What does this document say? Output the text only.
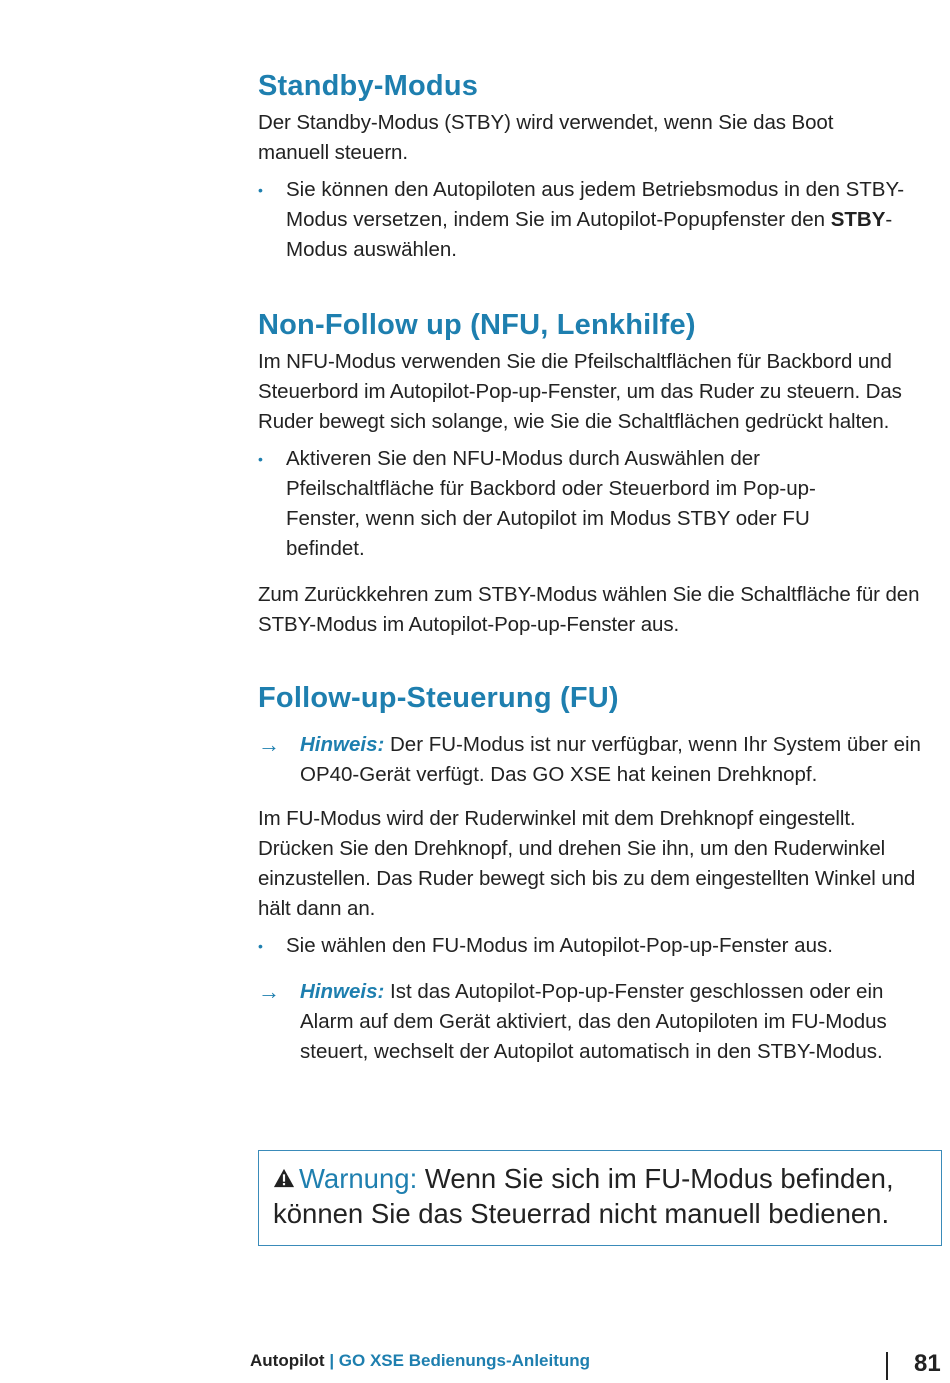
Standby-Modus

Der Standby-Modus (STBY) wird verwendet, wenn Sie das Boot manuell steuern.

• Sie können den Autopiloten aus jedem Betriebsmodus in den STBY-Modus versetzen, indem Sie im Autopilot-Popupfenster den STBY-Modus auswählen.
Non-Follow up (NFU, Lenkhilfe)

Im NFU-Modus verwenden Sie die Pfeilschaltflächen für Backbord und Steuerbord im Autopilot-Pop-up-Fenster, um das Ruder zu steuern. Das Ruder bewegt sich solange, wie Sie die Schaltflächen gedrückt halten.

• Aktiveren Sie den NFU-Modus durch Auswählen der Pfeilschaltfläche für Backbord oder Steuerbord im Pop-up-Fenster, wenn sich der Autopilot im Modus STBY oder FU befindet.

Zum Zurückkehren zum STBY-Modus wählen Sie die Schaltfläche für den STBY-Modus im Autopilot-Pop-up-Fenster aus.

Follow-up-Steuerung (FU)
→ Hinweis: Der FU-Modus ist nur verfügbar, wenn Ihr System über ein OP40-Gerät verfügt. Das GO XSE hat keinen Drehknopf.

Im FU-Modus wird der Ruderwinkel mit dem Drehknopf eingestellt. Drücken Sie den Drehknopf, und drehen Sie ihn, um den Ruderwinkel einzustellen. Das Ruder bewegt sich bis zu dem eingestellten Winkel und hält dann an.

• Sie wählen den FU-Modus im Autopilot-Pop-up-Fenster aus.
→ Hinweis: Ist das Autopilot-Pop-up-Fenster geschlossen oder ein Alarm auf dem Gerät aktiviert, das den Autopiloten im FU-Modus steuert, wechselt der Autopilot automatisch in den STBY-Modus.
Warnung: Wenn Sie sich im FU-Modus befinden, können Sie das Steuerrad nicht manuell bedienen.
Autopilot | GO XSE Bedienungs-Anleitung	81
